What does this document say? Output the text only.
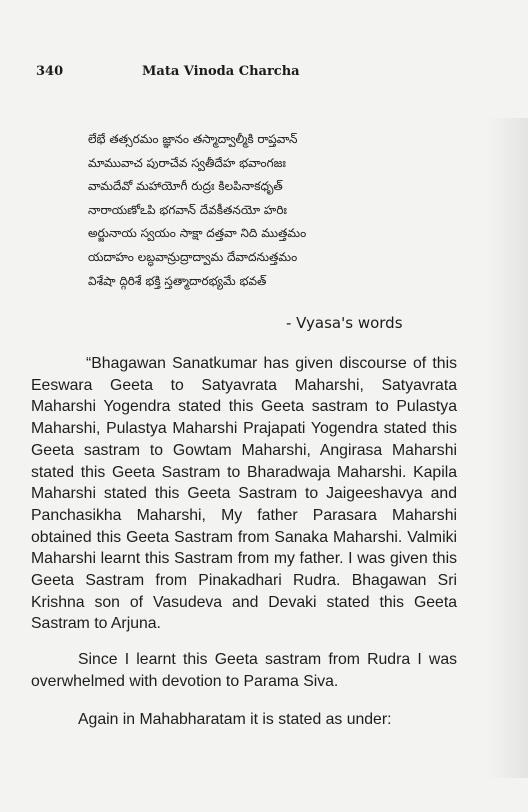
340	Mata Vinoda Charcha
లేభే తత్సరమం జ్ఞానం తస్మాద్వాల్మీకి రాప్తవాన్
మామువాచ పురాచేవ స్వతీదేహ భవాంగజః
వామదేవో మహాయోగీ రుద్రః కిలపినాకధృత్
నారాయణోఽపి భగవాన్ దేవకీతనయో హరిః
అర్జునాయ స్వయం సాక్షా దత్తవా నిది ముత్తమం
యదాహం లబ్ధవాన్రుద్రాద్వామ దేవాదనుత్తమం
విశేషా ద్గిరిశే భక్తి స్తత్మాదారభ్యమే భవత్
- Vyasa's words

“Bhagawan Sanatkumar has given discourse of this Eeswara Geeta to Satyavrata Maharshi, Satyavrata Maharshi Yogendra stated this Geeta sastram to Pulastya Maharshi, Pulastya Maharshi Prajapati Yogendra stated this Geeta sastram to Gowtam Maharshi, Angirasa Maharshi stated this Geeta Sastram to Bharadwaja Maharshi. Kapila Maharshi stated this Geeta Sastram to Jaigeeshavya and Panchasikha Maharshi, My father Parasara Maharshi obtained this Geeta Sastram from Sanaka Maharshi. Valmiki Maharshi learnt this Sastram from my father. I was given this Geeta Sastram from Pinakadhari Rudra. Bhagawan Sri Krishna son of Vasudeva and Devaki stated this Geeta Sastram to Arjuna.

Since I learnt this Geeta sastram from Rudra I was overwhelmed with devotion to Parama Siva.

Again in Mahabharatam it is stated as under:
